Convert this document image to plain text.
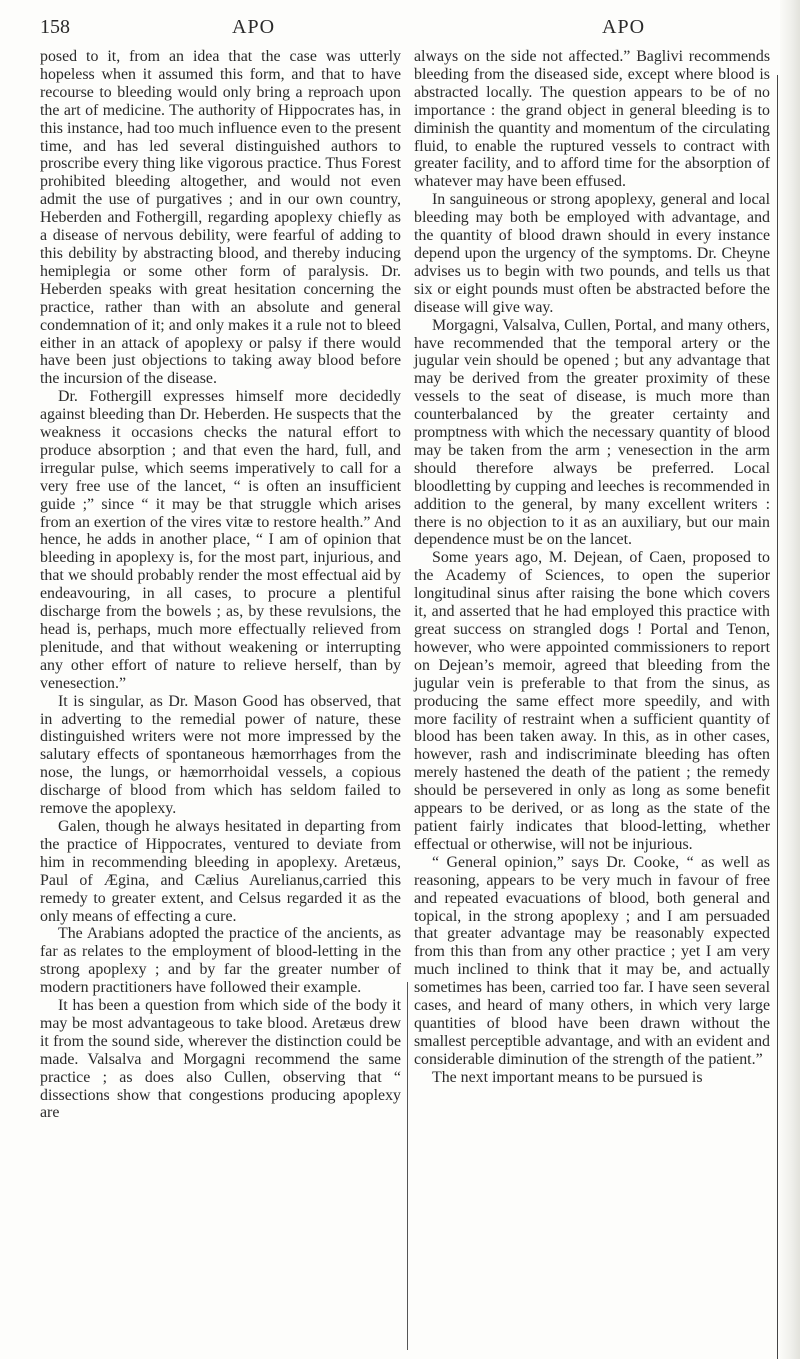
158	APO	APO

posed to it, from an idea that the case was utterly hopeless when it assumed this form, and that to have recourse to bleeding would only bring a reproach upon the art of medicine. The authority of Hippocrates has, in this instance, had too much influence even to the present time, and has led several distinguished authors to proscribe every thing like vigorous practice. Thus Forest prohibited bleeding altogether, and would not even admit the use of purgatives ; and in our own country, Heberden and Fothergill, regarding apoplexy chiefly as a disease of nervous debility, were fearful of adding to this debility by abstracting blood, and thereby inducing hemiplegia or some other form of paralysis. Dr. Heberden speaks with great hesitation concerning the practice, rather than with an absolute and general condemnation of it; and only makes it a rule not to bleed either in an attack of apoplexy or palsy if there would have been just objections to taking away blood before the incursion of the disease.

Dr. Fothergill expresses himself more decidedly against bleeding than Dr. Heberden. He suspects that the weakness it occasions checks the natural effort to produce absorption ; and that even the hard, full, and irregular pulse, which seems imperatively to call for a very free use of the lancet, “ is often an insufficient guide ;” since “ it may be that struggle which arises from an exertion of the vires vitæ to restore health.” And hence, he adds in another place, “ I am of opinion that bleeding in apoplexy is, for the most part, injurious, and that we should probably render the most effectual aid by endeavouring, in all cases, to procure a plentiful discharge from the bowels ; as, by these revulsions, the head is, perhaps, much more effectually relieved from plenitude, and that without weakening or interrupting any other effort of nature to relieve herself, than by venesection.”

It is singular, as Dr. Mason Good has observed, that in adverting to the remedial power of nature, these distinguished writers were not more impressed by the salutary effects of spontaneous hæmorrhages from the nose, the lungs, or hæmorrhoidal vessels, a copious discharge of blood from which has seldom failed to remove the apoplexy.

Galen, though he always hesitated in departing from the practice of Hippocrates, ventured to deviate from him in recommending bleeding in apoplexy. Aretæus, Paul of Ægina, and Cælius Aurelianus,carried this remedy to greater extent, and Celsus regarded it as the only means of effecting a cure.

The Arabians adopted the practice of the ancients, as far as relates to the employment of blood-letting in the strong apoplexy ; and by far the greater number of modern practitioners have followed their example.

It has been a question from which side of the body it may be most advantageous to take blood. Aretæus drew it from the sound side, wherever the distinction could be made. Valsalva and Morgagni recommend the same practice ; as does also Cullen, observing that “ dissections show that congestions producing apoplexy are

always on the side not affected.” Baglivi recommends bleeding from the diseased side, except where blood is abstracted locally. The question appears to be of no importance : the grand object in general bleeding is to diminish the quantity and momentum of the circulating fluid, to enable the ruptured vessels to contract with greater facility, and to afford time for the absorption of whatever may have been effused.

In sanguineous or strong apoplexy, general and local bleeding may both be employed with advantage, and the quantity of blood drawn should in every instance depend upon the urgency of the symptoms. Dr. Cheyne advises us to begin with two pounds, and tells us that six or eight pounds must often be abstracted before the disease will give way.

Morgagni, Valsalva, Cullen, Portal, and many others, have recommended that the temporal artery or the jugular vein should be opened ; but any advantage that may be derived from the greater proximity of these vessels to the seat of disease, is much more than counterbalanced by the greater certainty and promptness with which the necessary quantity of blood may be taken from the arm ; venesection in the arm should therefore always be preferred. Local bloodletting by cupping and leeches is recommended in addition to the general, by many excellent writers : there is no objection to it as an auxiliary, but our main dependence must be on the lancet.

Some years ago, M. Dejean, of Caen, proposed to the Academy of Sciences, to open the superior longitudinal sinus after raising the bone which covers it, and asserted that he had employed this practice with great success on strangled dogs ! Portal and Tenon, however, who were appointed commissioners to report on Dejean’s memoir, agreed that bleeding from the jugular vein is preferable to that from the sinus, as producing the same effect more speedily, and with more facility of restraint when a sufficient quantity of blood has been taken away. In this, as in other cases, however, rash and indiscriminate bleeding has often merely hastened the death of the patient ; the remedy should be persevered in only as long as some benefit appears to be derived, or as long as the state of the patient fairly indicates that blood-letting, whether effectual or otherwise, will not be injurious.

“ General opinion,” says Dr. Cooke, “ as well as reasoning, appears to be very much in favour of free and repeated evacuations of blood, both general and topical, in the strong apoplexy ; and I am persuaded that greater advantage may be reasonably expected from this than from any other practice ; yet I am very much inclined to think that it may be, and actually sometimes has been, carried too far. I have seen several cases, and heard of many others, in which very large quantities of blood have been drawn without the smallest perceptible advantage, and with an evident and considerable diminution of the strength of the patient.”

The next important means to be pursued is
